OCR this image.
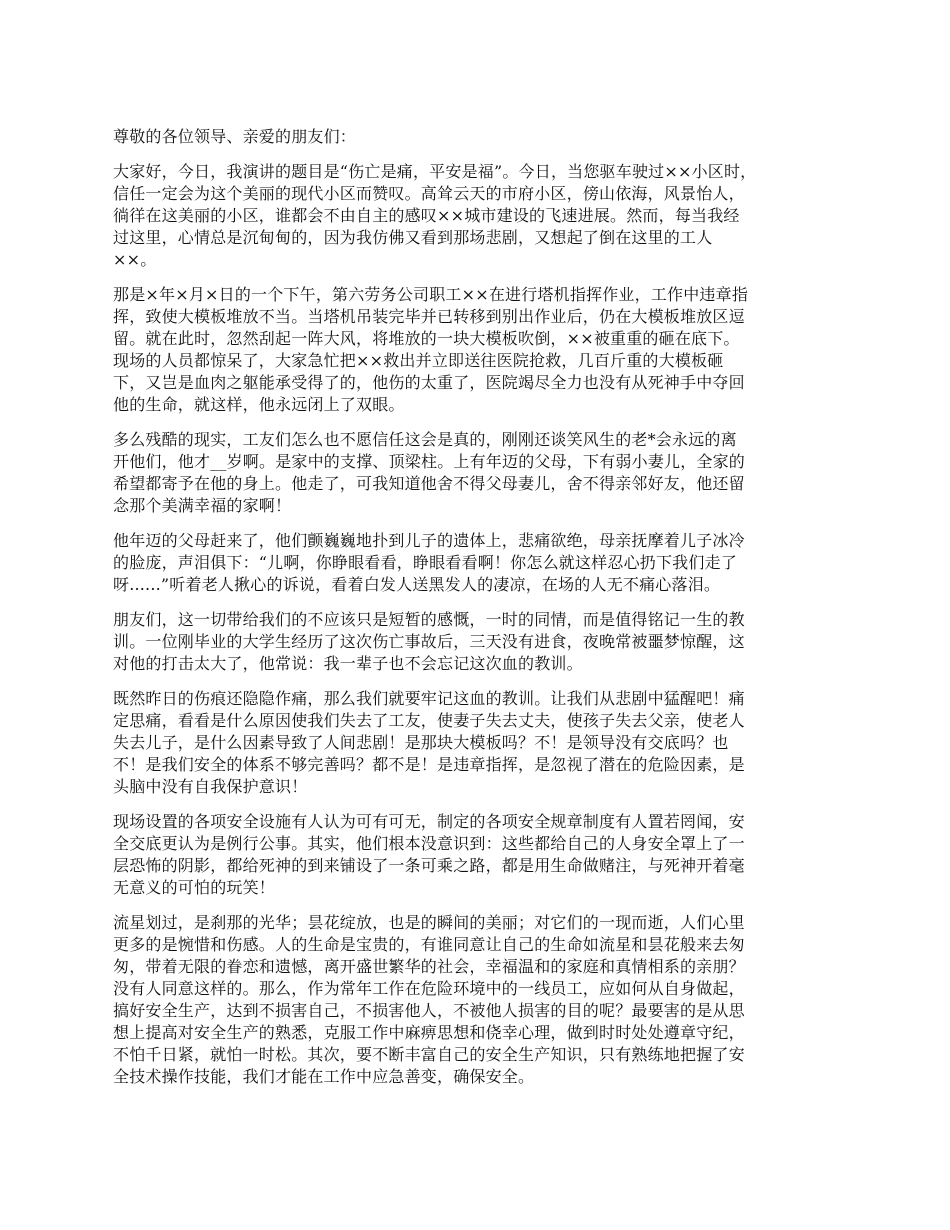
尊敬的各位领导、亲爱的朋友们：
大家好，今日，我演讲的题目是“伤亡是痛，平安是福”。今日，当您驱车驶过××小区时，
信任一定会为这个美丽的现代小区而赞叹。高耸云天的市府小区，傍山依海，风景怡人，
徜徉在这美丽的小区，谁都会不由自主的感叹××城市建设的飞速进展。然而，每当我经
过这里，心情总是沉甸甸的，因为我仿佛又看到那场悲剧，又想起了倒在这里的工人
××。
那是×年×月×日的一个下午，第六劳务公司职工××在进行塔机指挥作业，工作中违章指
挥，致使大模板堆放不当。当塔机吊装完毕并已转移到别出作业后，仍在大模板堆放区逗
留。就在此时，忽然刮起一阵大风，将堆放的一块大模板吹倒，××被重重的砸在底下。
现场的人员都惊呆了，大家急忙把××救出并立即送往医院抢救，几百斤重的大模板砸
下，又岂是血肉之躯能承受得了的，他伤的太重了，医院竭尽全力也没有从死神手中夺回
他的生命，就这样，他永远闭上了双眼。
多么残酷的现实，工友们怎么也不愿信任这会是真的，刚刚还谈笑风生的老*会永远的离
开他们，他才__岁啊。是家中的支撑、顶梁柱。上有年迈的父母，下有弱小妻儿，全家的
希望都寄予在他的身上。他走了，可我知道他舍不得父母妻儿，舍不得亲邻好友，他还留
念那个美满幸福的家啊！
他年迈的父母赶来了，他们颤巍巍地扑到儿子的遗体上，悲痛欲绝，母亲抚摩着儿子冰冷
的脸庞，声泪俱下：“儿啊，你睁眼看看，睁眼看看啊！你怎么就这样忍心扔下我们走了
呀......”听着老人揪心的诉说，看着白发人送黑发人的凄凉，在场的人无不痛心落泪。
朋友们，这一切带给我们的不应该只是短暂的感慨，一时的同情，而是值得铭记一生的教
训。一位刚毕业的大学生经历了这次伤亡事故后，三天没有进食，夜晚常被噩梦惊醒，这
对他的打击太大了，他常说：我一辈子也不会忘记这次血的教训。
既然昨日的伤痕还隐隐作痛，那么我们就要牢记这血的教训。让我们从悲剧中猛醒吧！痛
定思痛，看看是什么原因使我们失去了工友，使妻子失去丈夫，使孩子失去父亲，使老人
失去儿子，是什么因素导致了人间悲剧！是那块大模板吗？不！是领导没有交底吗？也
不！是我们安全的体系不够完善吗？都不是！是违章指挥，是忽视了潜在的危险因素，是
头脑中没有自我保护意识！
现场设置的各项安全设施有人认为可有可无，制定的各项安全规章制度有人置若罔闻，安
全交底更认为是例行公事。其实，他们根本没意识到：这些都给自己的人身安全罩上了一
层恐怖的阴影，都给死神的到来铺设了一条可乘之路，都是用生命做赌注，与死神开着毫
无意义的可怕的玩笑！
流星划过，是刹那的光华；昙花绽放，也是的瞬间的美丽；对它们的一现而逝，人们心里
更多的是惋惜和伤感。人的生命是宝贵的，有谁同意让自己的生命如流星和昙花般来去匆
匆，带着无限的眷恋和遗憾，离开盛世繁华的社会，幸福温和的家庭和真情相系的亲朋？
没有人同意这样的。那么，作为常年工作在危险环境中的一线员工，应如何从自身做起，
搞好安全生产，达到不损害自己，不损害他人，不被他人损害的目的呢？最要害的是从思
想上提高对安全生产的熟悉，克服工作中麻痹思想和侥幸心理，做到时时处处遵章守纪，
不怕千日紧，就怕一时松。其次，要不断丰富自己的安全生产知识，只有熟练地把握了安
全技术操作技能，我们才能在工作中应急善变，确保安全。
